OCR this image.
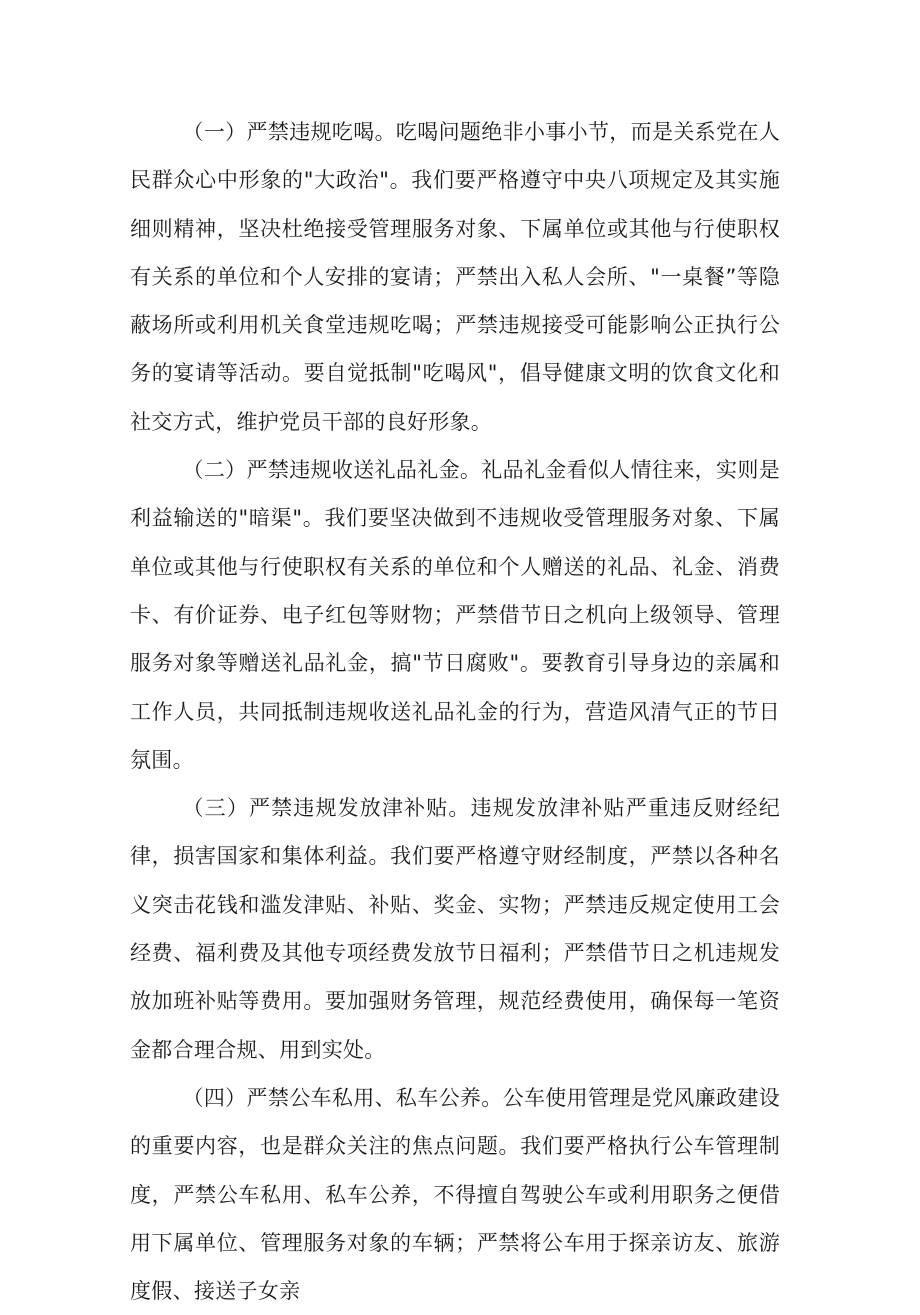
（一）严禁违规吃喝。吃喝问题绝非小事小节，而是关系党在人民群众心中形象的"大政治"。我们要严格遵守中央八项规定及其实施细则精神，坚决杜绝接受管理服务对象、下属单位或其他与行使职权有关系的单位和个人安排的宴请；严禁出入私人会所、"一桌餐”等隐蔽场所或利用机关食堂违规吃喝；严禁违规接受可能影响公正执行公务的宴请等活动。要自觉抵制"吃喝风"，倡导健康文明的饮食文化和社交方式，维护党员干部的良好形象。

（二）严禁违规收送礼品礼金。礼品礼金看似人情往来，实则是利益输送的"暗渠"。我们要坚决做到不违规收受管理服务对象、下属单位或其他与行使职权有关系的单位和个人赠送的礼品、礼金、消费卡、有价证券、电子红包等财物；严禁借节日之机向上级领导、管理服务对象等赠送礼品礼金，搞"节日腐败"。要教育引导身边的亲属和工作人员，共同抵制违规收送礼品礼金的行为，营造风清气正的节日氛围。

（三）严禁违规发放津补贴。违规发放津补贴严重违反财经纪律，损害国家和集体利益。我们要严格遵守财经制度，严禁以各种名义突击花钱和滥发津贴、补贴、奖金、实物；严禁违反规定使用工会经费、福利费及其他专项经费发放节日福利；严禁借节日之机违规发放加班补贴等费用。要加强财务管理，规范经费使用，确保每一笔资金都合理合规、用到实处。

（四）严禁公车私用、私车公养。公车使用管理是党风廉政建设的重要内容，也是群众关注的焦点问题。我们要严格执行公车管理制度，严禁公车私用、私车公养，不得擅自驾驶公车或利用职务之便借用下属单位、管理服务对象的车辆；严禁将公车用于探亲访友、旅游度假、接送子女亲
